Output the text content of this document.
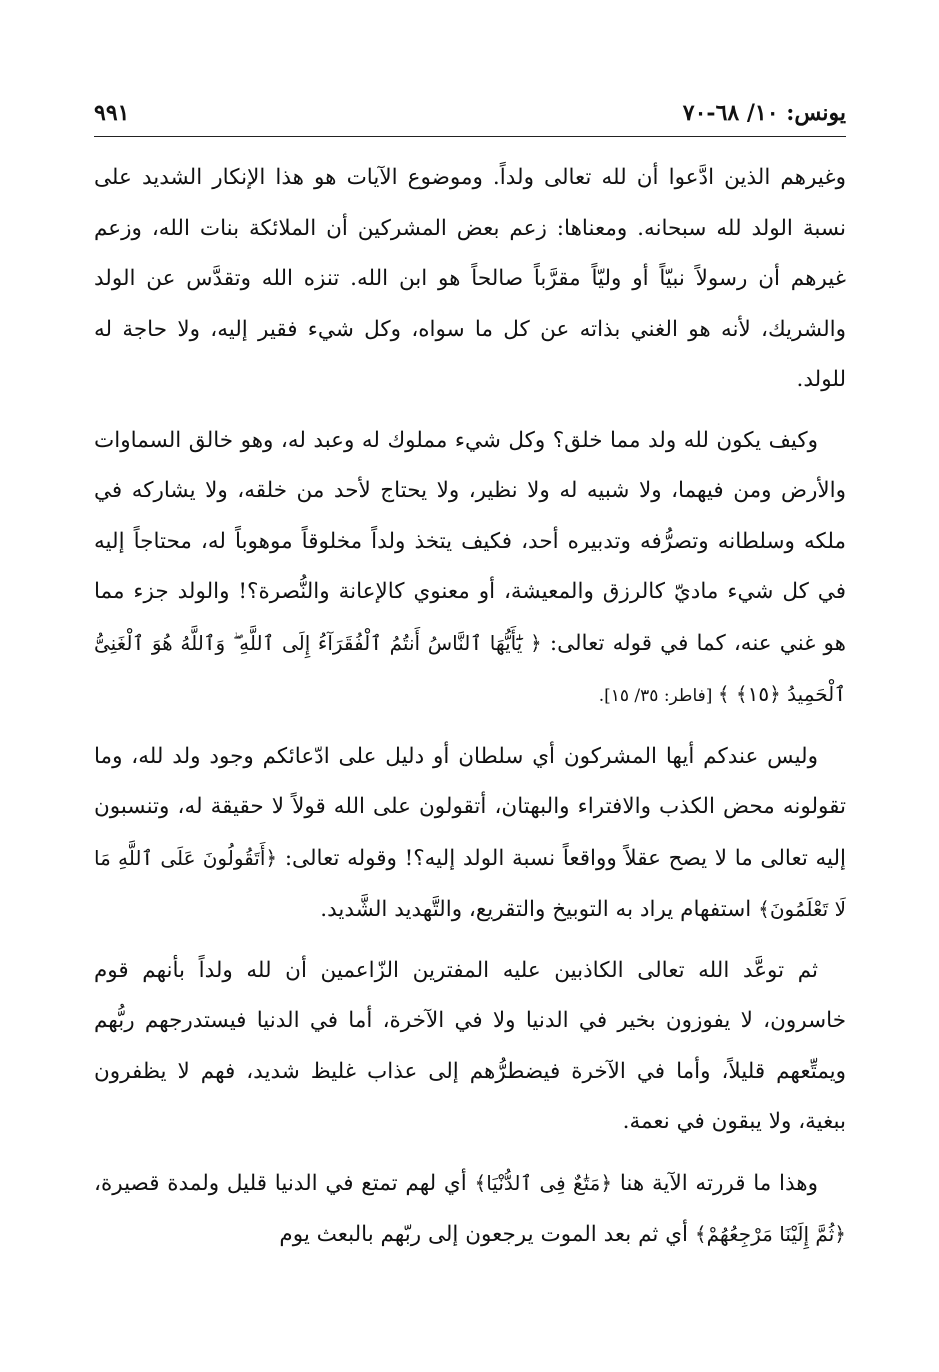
يونس: ١٠/ ٦٨-٧٠
٩٩١

وغيرهم الذين ادَّعوا أن لله تعالى ولداً. وموضوع الآيات هو هذا الإنكار الشديد على نسبة الولد لله سبحانه. ومعناها: زعم بعض المشركين أن الملائكة بنات الله، وزعم غيرهم أن رسولاً نبيّاً أو وليّاً مقرَّباً صالحاً هو ابن الله. تنزه الله وتقدَّس عن الولد والشريك، لأنه هو الغني بذاته عن كل ما سواه، وكل شيء فقير إليه، ولا حاجة له للولد.

وكيف يكون لله ولد مما خلق؟ وكل شيء مملوك له وعبد له، وهو خالق السماوات والأرض ومن فيهما، ولا شبيه له ولا نظير، ولا يحتاج لأحد من خلقه، ولا يشاركه في ملكه وسلطانه وتصرُّفه وتدبيره أحد، فكيف يتخذ ولداً مخلوقاً موهوباً له، محتاجاً إليه في كل شيء ماديّ كالرزق والمعيشة، أو معنوي كالإعانة والنُّصرة؟! والولد جزء مما هو غني عنه، كما في قوله تعالى: ﴿ يَٰٓأَيُّهَا ٱلنَّاسُ أَنتُمُ ٱلْفُقَرَآءُ إِلَى ٱللَّهِ ۖ وَٱللَّهُ هُوَ ٱلْغَنِىُّ ٱلْحَمِيدُ ﴿١٥﴾ ﴾ [فاطر: ٣٥/ ١٥].

وليس عندكم أيها المشركون أي سلطان أو دليل على ادّعائكم وجود ولد لله، وما تقولونه محض الكذب والافتراء والبهتان، أتقولون على الله قولاً لا حقيقة له، وتنسبون إليه تعالى ما لا يصح عقلاً وواقعاً نسبة الولد إليه؟! وقوله تعالى: ﴿أَتَقُولُونَ عَلَى ٱللَّهِ مَا لَا تَعْلَمُونَ﴾ استفهام يراد به التوبيخ والتقريع، والتَّهديد الشَّديد.

ثم توعَّد الله تعالى الكاذبين عليه المفترين الزّاعمين أن لله ولداً بأنهم قوم خاسرون، لا يفوزون بخير في الدنيا ولا في الآخرة، أما في الدنيا فيستدرجهم ربُّهم ويمتِّعهم قليلاً، وأما في الآخرة فيضطرُّهم إلى عذاب غليظ شديد، فهم لا يظفرون ببغية، ولا يبقون في نعمة.

وهذا ما قررته الآية هنا ﴿مَتَٰعٌ فِى ٱلدُّنْيَا﴾ أي لهم تمتع في الدنيا قليل ولمدة قصيرة، ﴿ثُمَّ إِلَيْنَا مَرْجِعُهُمْ﴾ أي ثم بعد الموت يرجعون إلى ربّهم بالبعث يوم
